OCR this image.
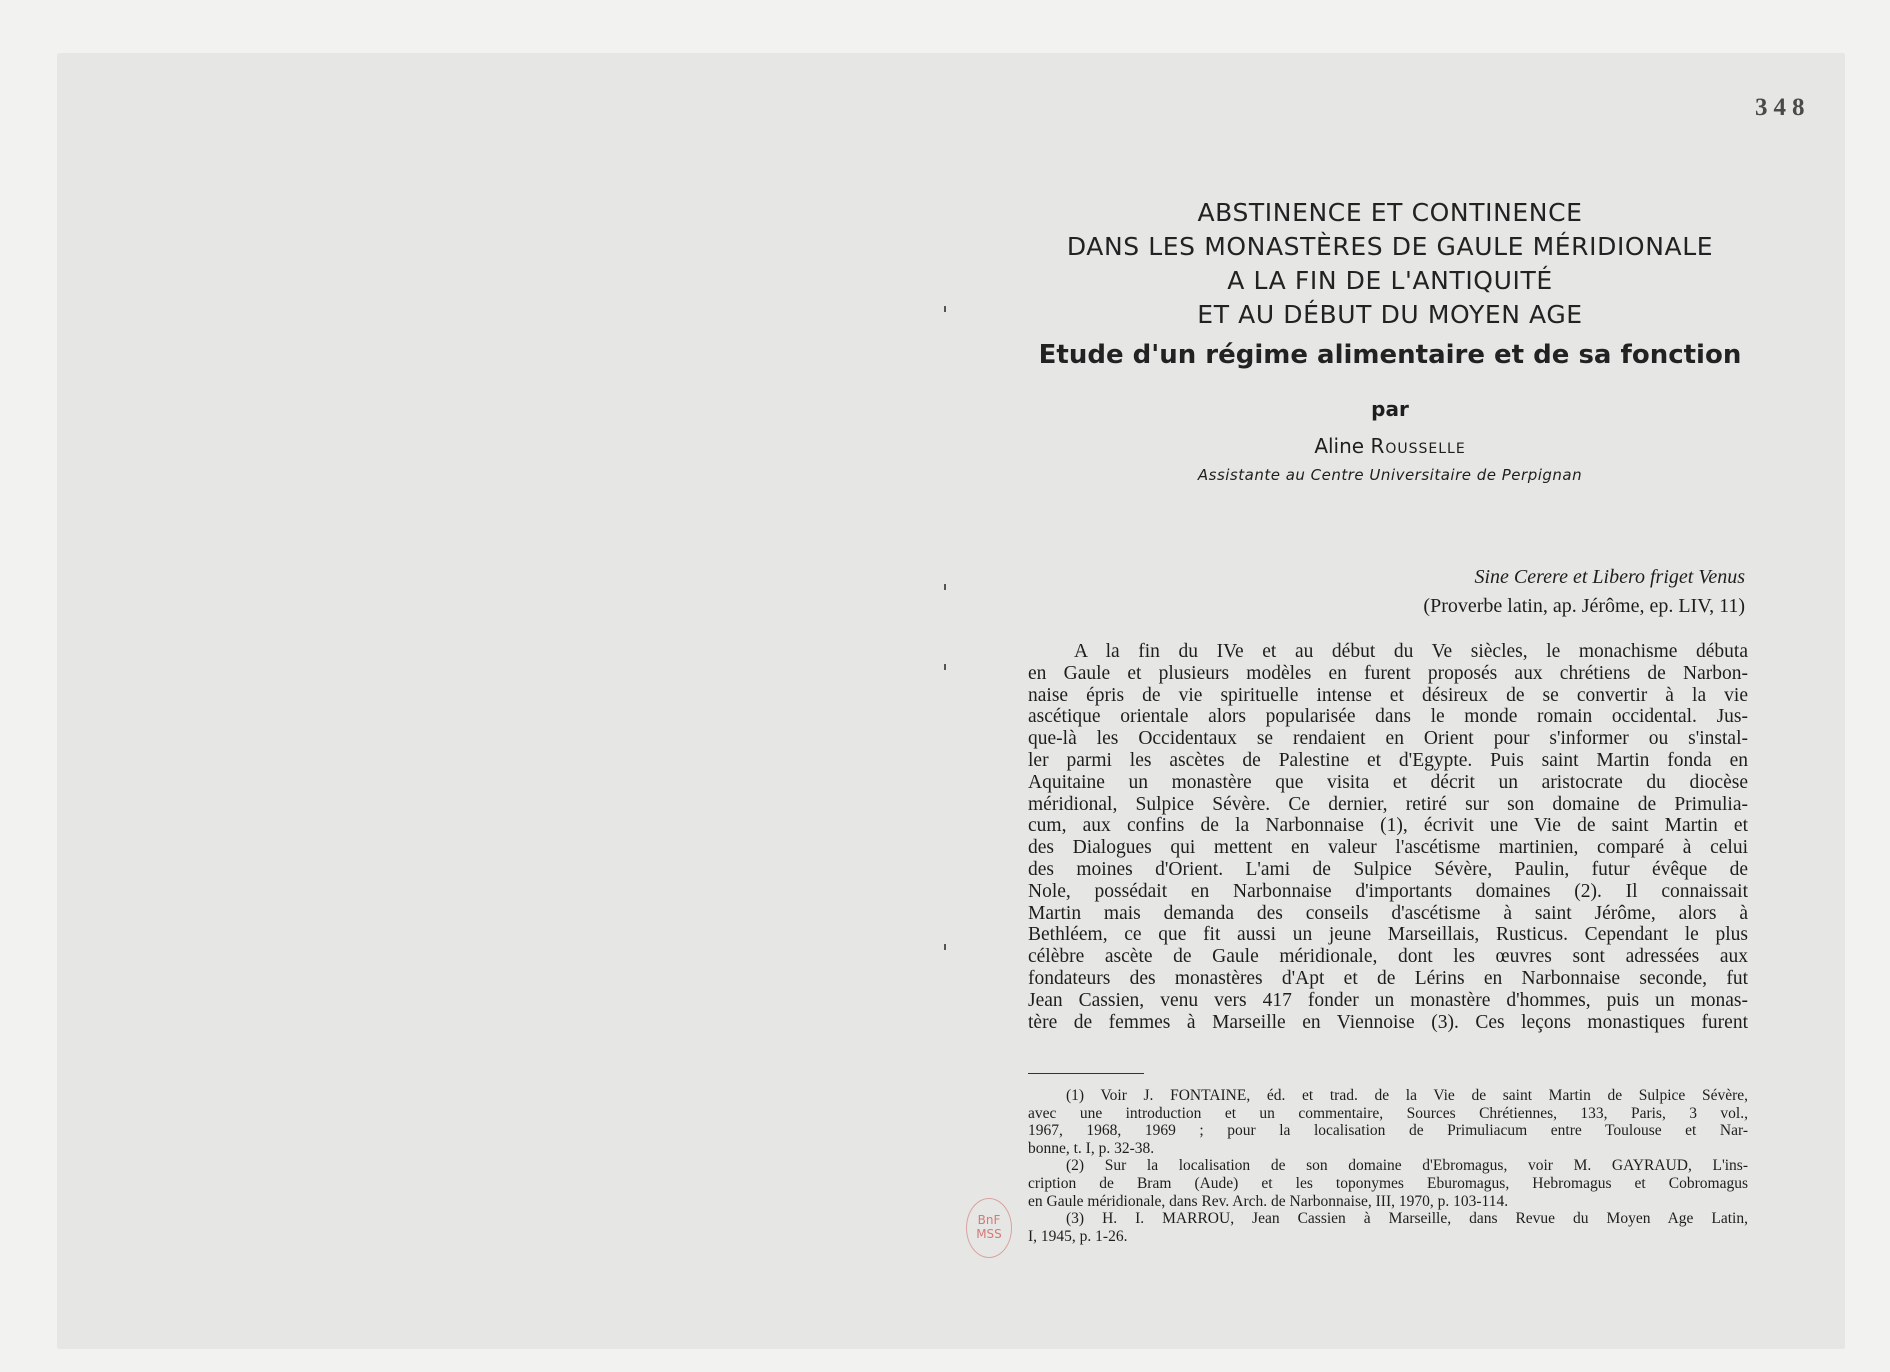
348
ABSTINENCE ET CONTINENCE
DANS LES MONASTÈRES DE GAULE MÉRIDIONALE
A LA FIN DE L'ANTIQUITÉ
ET AU DÉBUT DU MOYEN AGE
Etude d'un régime alimentaire et de sa fonction
par
Aline Rousselle
Assistante au Centre Universitaire de Perpignan
Sine Cerere et Libero friget Venus
(Proverbe latin, ap. Jérôme, ep. LIV, 11)
A la fin du IVe et au début du Ve siècles, le monachisme débuta
en Gaule et plusieurs modèles en furent proposés aux chrétiens de Narbon-
naise épris de vie spirituelle intense et désireux de se convertir à la vie
ascétique orientale alors popularisée dans le monde romain occidental. Jus-
que-là les Occidentaux se rendaient en Orient pour s'informer ou s'instal-
ler parmi les ascètes de Palestine et d'Egypte. Puis saint Martin fonda en
Aquitaine un monastère que visita et décrit un aristocrate du diocèse
méridional, Sulpice Sévère. Ce dernier, retiré sur son domaine de Primulia-
cum, aux confins de la Narbonnaise (1), écrivit une Vie de saint Martin et
des Dialogues qui mettent en valeur l'ascétisme martinien, comparé à celui
des moines d'Orient. L'ami de Sulpice Sévère, Paulin, futur évêque de
Nole, possédait en Narbonnaise d'importants domaines (2). Il connaissait
Martin mais demanda des conseils d'ascétisme à saint Jérôme, alors à
Bethléem, ce que fit aussi un jeune Marseillais, Rusticus. Cependant le plus
célèbre ascète de Gaule méridionale, dont les œuvres sont adressées aux
fondateurs des monastères d'Apt et de Lérins en Narbonnaise seconde, fut
Jean Cassien, venu vers 417 fonder un monastère d'hommes, puis un monas-
tère de femmes à Marseille en Viennoise (3). Ces leçons monastiques furent
(1) Voir J. FONTAINE, éd. et trad. de la Vie de saint Martin de Sulpice Sévère,
avec une introduction et un commentaire, Sources Chrétiennes, 133, Paris, 3 vol.,
1967, 1968, 1969 ; pour la localisation de Primuliacum entre Toulouse et Nar-
bonne, t. I, p. 32-38.
(2) Sur la localisation de son domaine d'Ebromagus, voir M. GAYRAUD, L'ins-
cription de Bram (Aude) et les toponymes Eburomagus, Hebromagus et Cobromagus
en Gaule méridionale, dans Rev. Arch. de Narbonnaise, III, 1970, p. 103-114.
(3) H. I. MARROU, Jean Cassien à Marseille, dans Revue du Moyen Age Latin,
I, 1945, p. 1-26.
BnF
MSS
